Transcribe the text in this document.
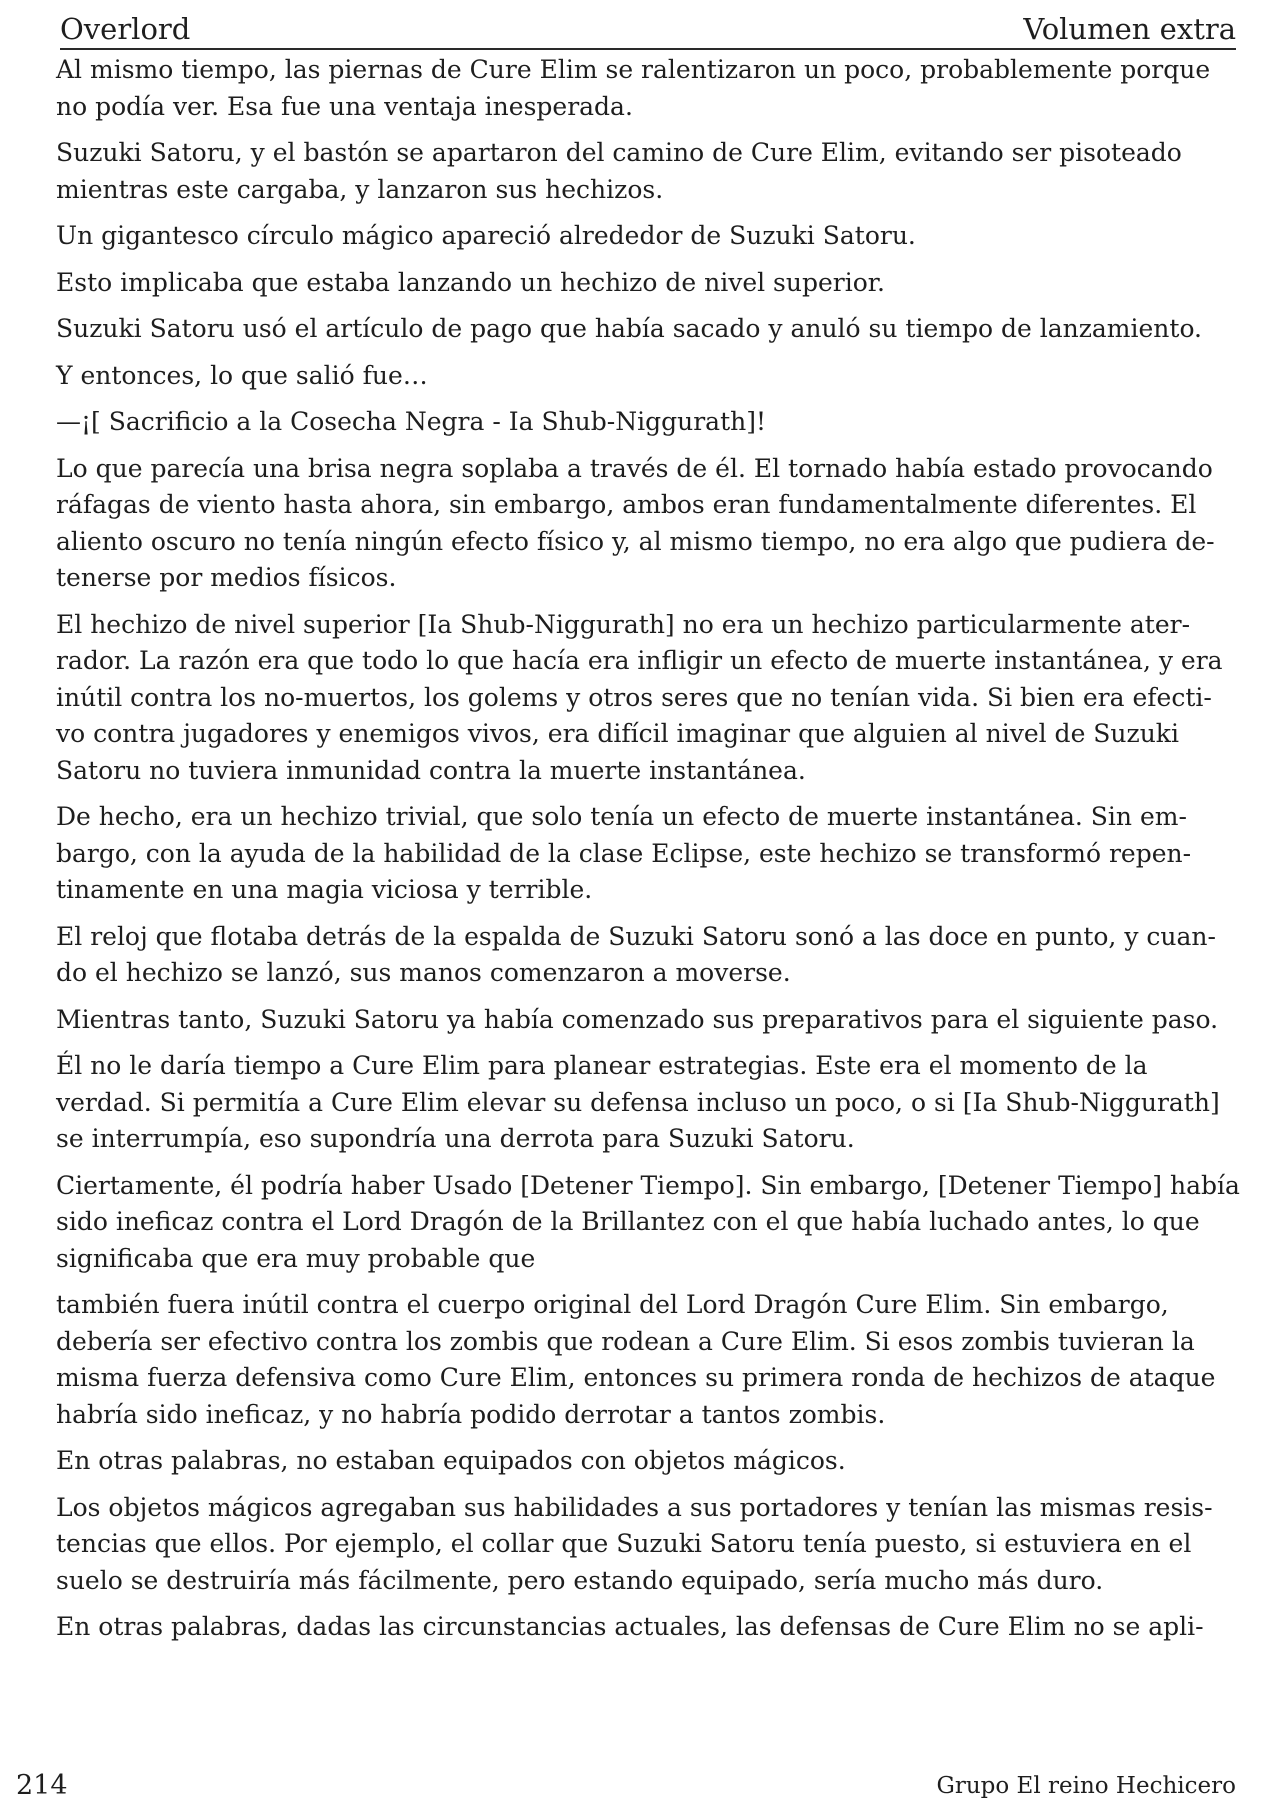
Overlord	Volumen extra

Al mismo tiempo, las piernas de Cure Elim se ralentizaron un poco, probablemente porque no podía ver. Esa fue una ventaja inesperada.

Suzuki Satoru, y el bastón se apartaron del camino de Cure Elim, evitando ser pisoteado mientras este cargaba, y lanzaron sus hechizos.

Un gigantesco círculo mágico apareció alrededor de Suzuki Satoru.

Esto implicaba que estaba lanzando un hechizo de nivel superior.

Suzuki Satoru usó el artículo de pago que había sacado y anuló su tiempo de lanzamiento.

Y entonces, lo que salió fue…

—¡[ Sacrificio a la Cosecha Negra - Ia Shub-Niggurath]!

Lo que parecía una brisa negra soplaba a través de él. El tornado había estado provocando ráfagas de viento hasta ahora, sin embargo, ambos eran fundamentalmente diferentes. El aliento oscuro no tenía ningún efecto físico y, al mismo tiempo, no era algo que pudiera de-tenerse por medios físicos.

El hechizo de nivel superior [Ia Shub-Niggurath] no era un hechizo particularmente ater-rador. La razón era que todo lo que hacía era infligir un efecto de muerte instantánea, y era inútil contra los no-muertos, los golems y otros seres que no tenían vida. Si bien era efecti-vo contra jugadores y enemigos vivos, era difícil imaginar que alguien al nivel de Suzuki Satoru no tuviera inmunidad contra la muerte instantánea.

De hecho, era un hechizo trivial, que solo tenía un efecto de muerte instantánea. Sin em-bargo, con la ayuda de la habilidad de la clase Eclipse, este hechizo se transformó repen-tinamente en una magia viciosa y terrible.

El reloj que flotaba detrás de la espalda de Suzuki Satoru sonó a las doce en punto, y cuan-do el hechizo se lanzó, sus manos comenzaron a moverse.

Mientras tanto, Suzuki Satoru ya había comenzado sus preparativos para el siguiente paso.

Él no le daría tiempo a Cure Elim para planear estrategias. Este era el momento de la verdad. Si permitía a Cure Elim elevar su defensa incluso un poco, o si [Ia Shub-Niggurath] se interrumpía, eso supondría una derrota para Suzuki Satoru.

Ciertamente, él podría haber Usado [Detener Tiempo]. Sin embargo, [Detener Tiempo] había sido ineficaz contra el Lord Dragón de la Brillantez con el que había luchado antes, lo que significaba que era muy probable que

también fuera inútil contra el cuerpo original del Lord Dragón Cure Elim. Sin embargo, debería ser efectivo contra los zombis que rodean a Cure Elim. Si esos zombis tuvieran la misma fuerza defensiva como Cure Elim, entonces su primera ronda de hechizos de ataque habría sido ineficaz, y no habría podido derrotar a tantos zombis.

En otras palabras, no estaban equipados con objetos mágicos.

Los objetos mágicos agregaban sus habilidades a sus portadores y tenían las mismas resis-tencias que ellos. Por ejemplo, el collar que Suzuki Satoru tenía puesto, si estuviera en el suelo se destruiría más fácilmente, pero estando equipado, sería mucho más duro.

En otras palabras, dadas las circunstancias actuales, las defensas de Cure Elim no se apli-

214	Grupo El reino Hechicero
